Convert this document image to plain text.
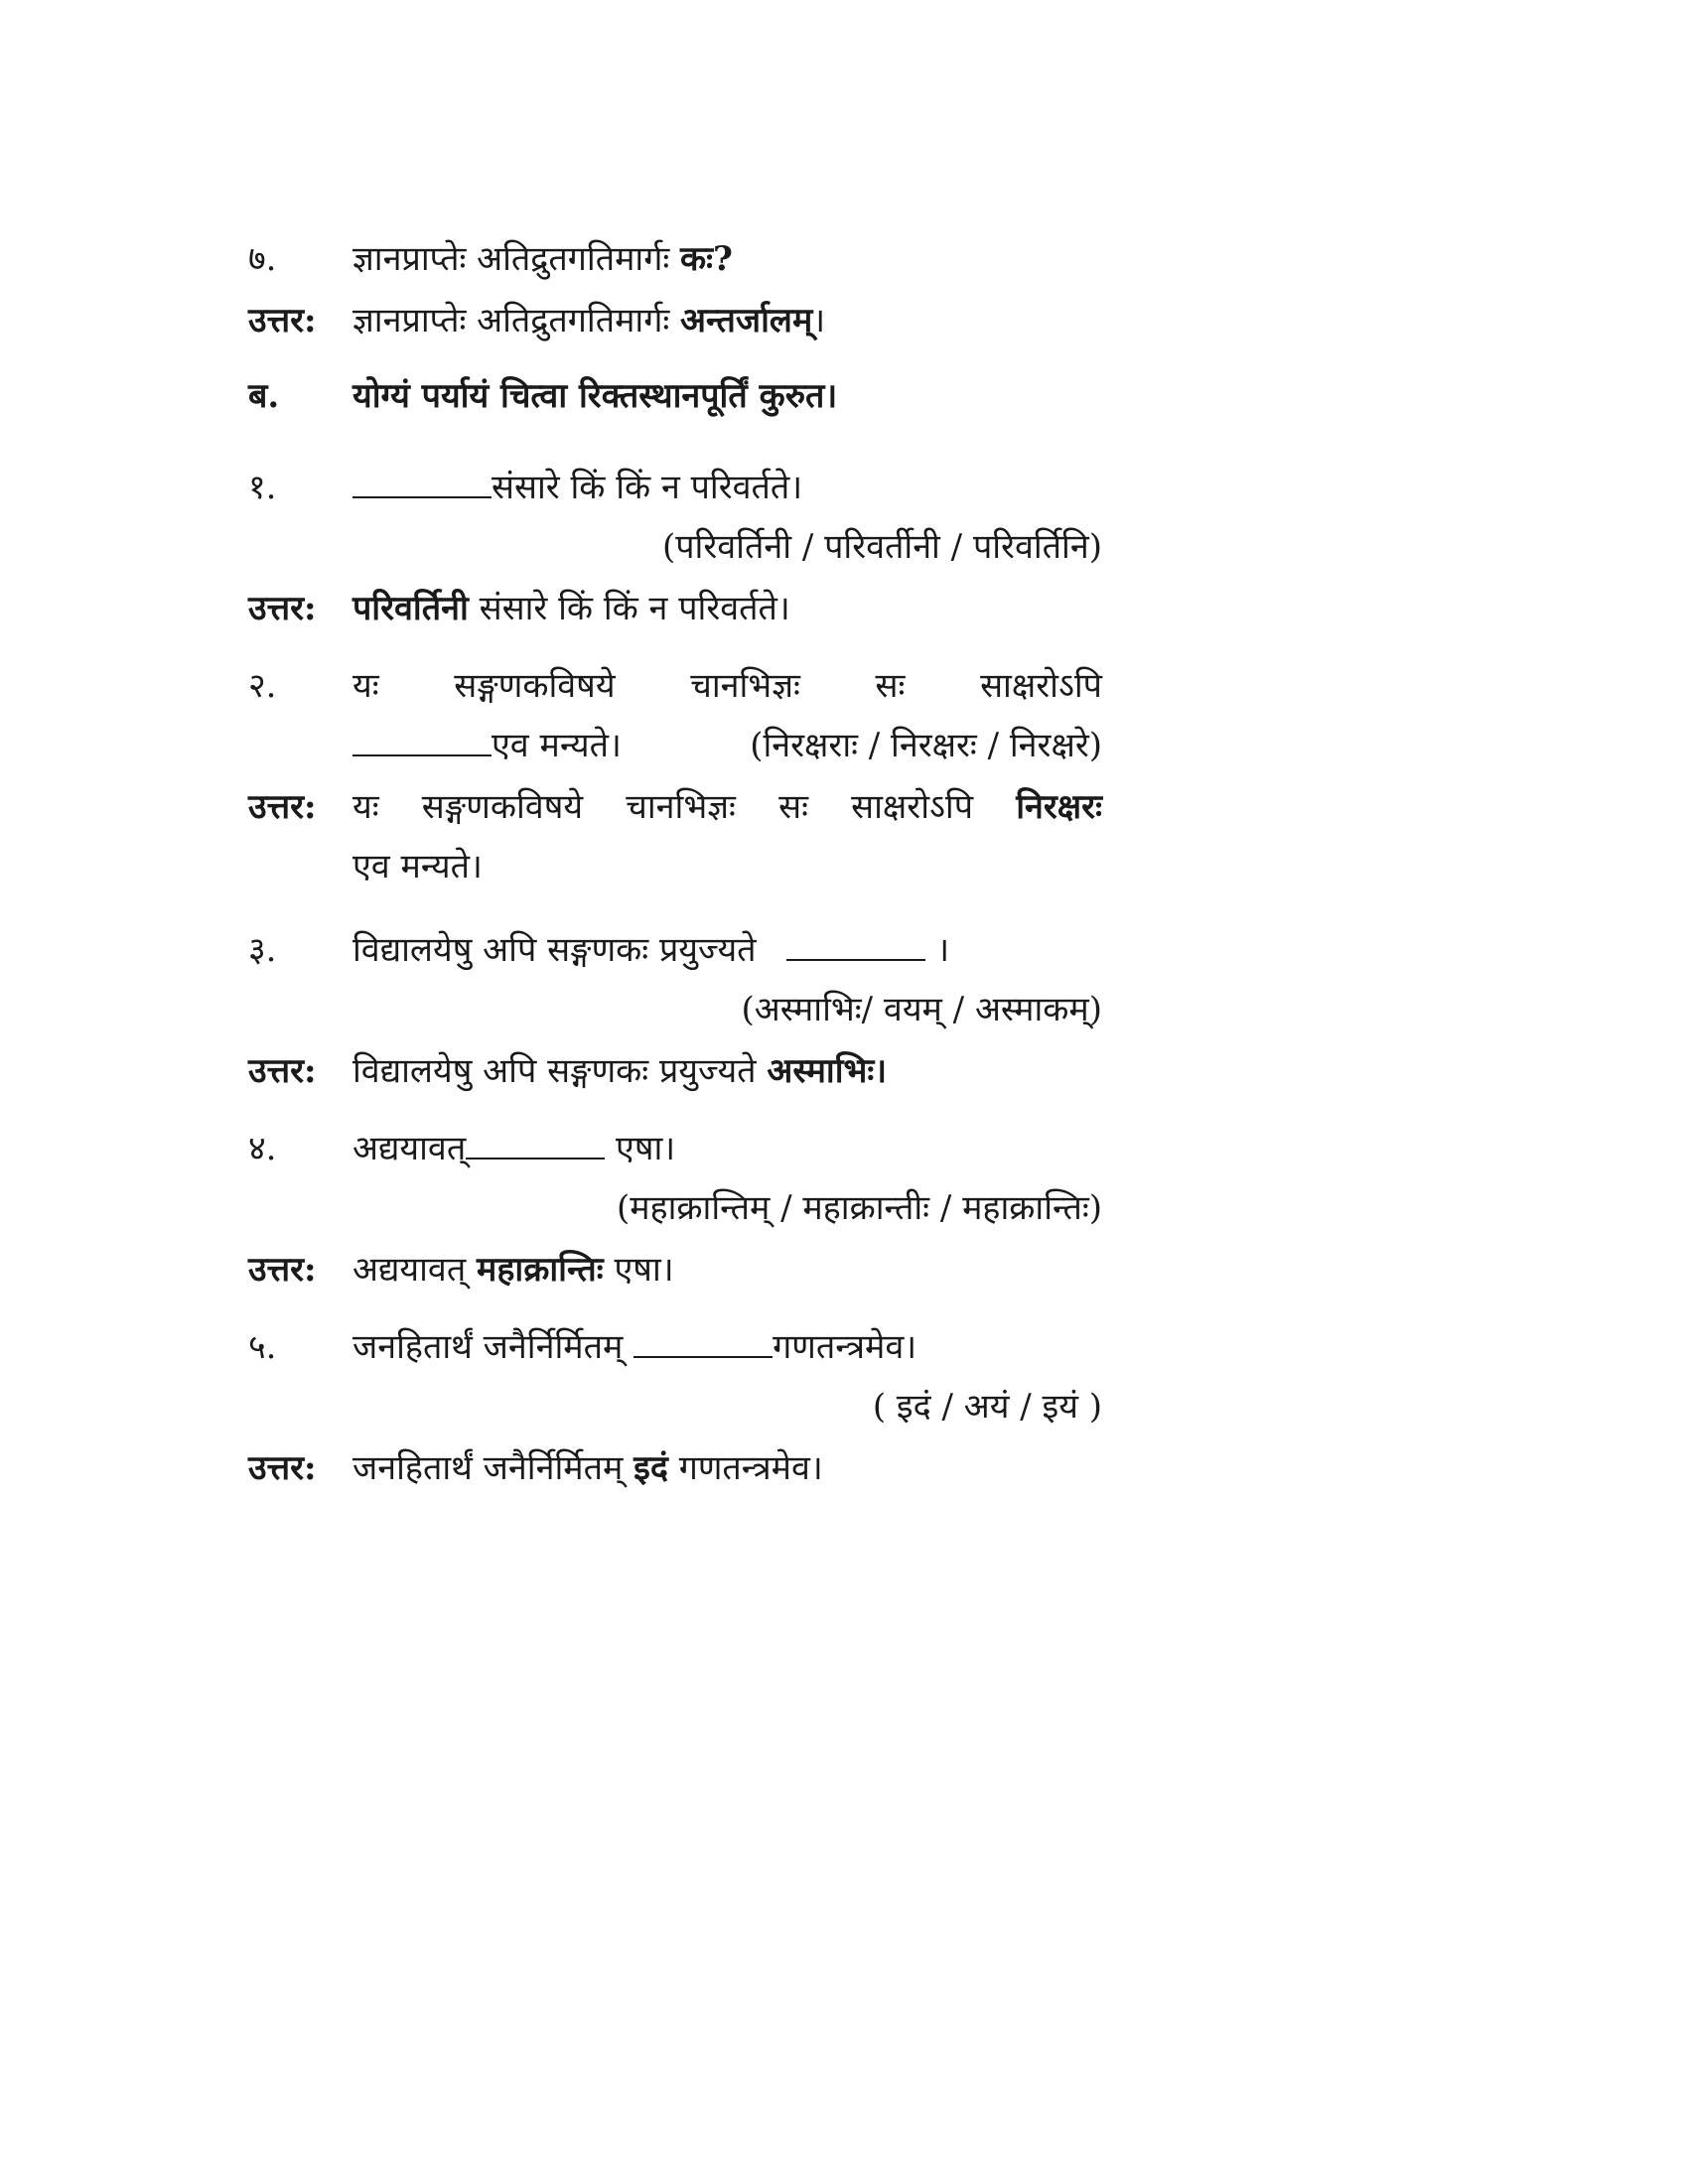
७.	ज्ञानप्राप्तेः अतिद्रुतगतिमार्गः कः?
उत्तर:	ज्ञानप्राप्तेः अतिद्रुतगतिमार्गः अन्तर्जालम्।
ब.	योग्यं पर्यायं चित्वा रिक्तस्थानपूर्तिं कुरुत।
१.	संसारे किं किं न परिवर्तते।
(परिवर्तिनी / परिवर्तीनी / परिवर्तिनि)
उत्तर:	परिवर्तिनी संसारे किं किं न परिवर्तते।
२.	यः सङ्गणकविषये चानभिज्ञः सः साक्षरोऽपि
एव मन्यते।	(निरक्षराः / निरक्षरः / निरक्षरे)
उत्तर:	यः सङ्गणकविषये चानभिज्ञः सः साक्षरोऽपि निरक्षरः
एव मन्यते।
३.	विद्यालयेषु अपि सङ्गणकः प्रयुज्यते	।
(अस्माभिः/ वयम् / अस्माकम्)
उत्तर:	विद्यालयेषु अपि सङ्गणकः प्रयुज्यते अस्माभिः।
४.	अद्ययावत्	एषा।
(महाक्रान्तिम् / महाक्रान्तीः / महाक्रान्तिः)
उत्तर:	अद्ययावत् महाक्रान्तिः एषा।
५.	जनहितार्थं जनैर्निर्मितम्	गणतन्त्रमेव।
( इदं / अयं / इयं )
उत्तर:	जनहितार्थं जनैर्निर्मितम् इदं गणतन्त्रमेव।
